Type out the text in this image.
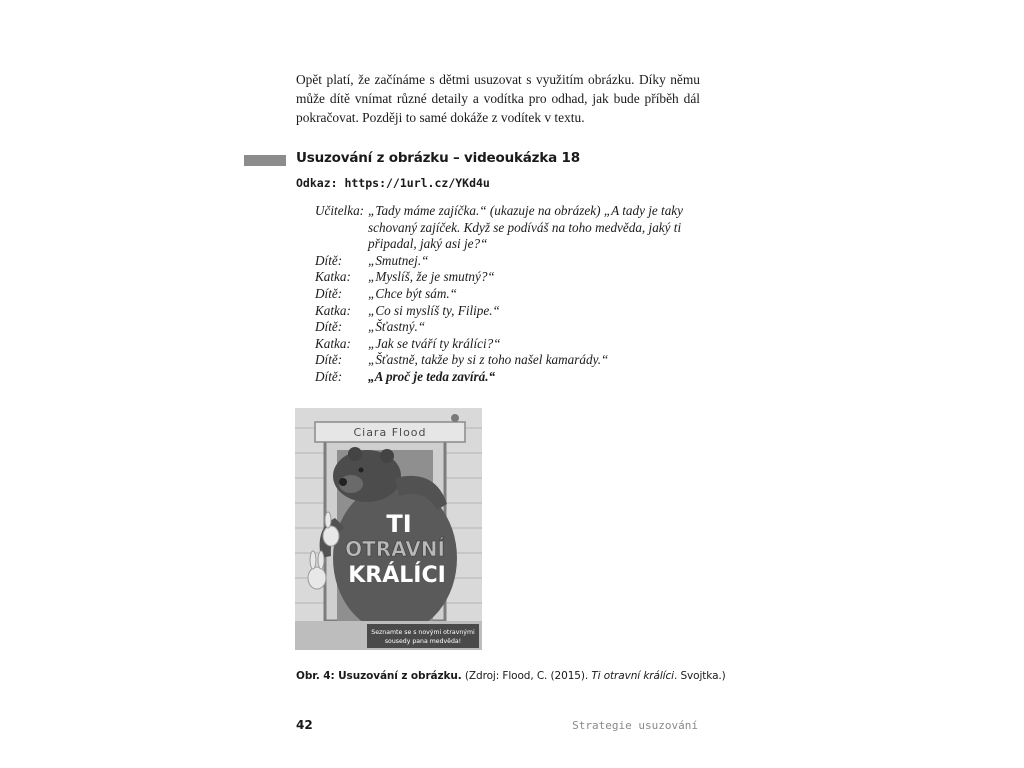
Opět platí, že začínáme s dětmi usuzovat s využitím obrázku. Díky němu může dítě vnímat různé detaily a vodítka pro odhad, jak bude příběh dál pokračovat. Později to samé dokáže z vodítek v textu.
Usuzování z obrázku – videoukázka 18
Odkaz: https://1url.cz/YKd4u
Učitelka: „Tady máme zajíčka.“ (ukazuje na obrázek) „A tady je taky schovaný zajíček. Když se podíváš na toho medvěda, jaký ti připadal, jaký asi je?“
Dítě:	„Smutnej.“
Katka:	„Myslíš, že je smutný?“
Dítě:	„Chce být sám.“
Katka:	„Co si myslíš ty, Filipe.“
Dítě:	„Šťastný.“
Katka:	„Jak se tváří ty králíci?“
Dítě:	„Šťastně, takže by si z toho našel kamarády.“
Dítě:	„A proč je teda zavírá.“
Ciara Flood
TI
OTRAVNÍ
KRÁLÍCI
Seznamte se s novými otravnými
sousedy pana medvěda!
Obr. 4: Usuzování z obrázku. (Zdroj: Flood, C. (2015). Ti otravní králíci. Svojtka.)
42	Strategie usuzování
